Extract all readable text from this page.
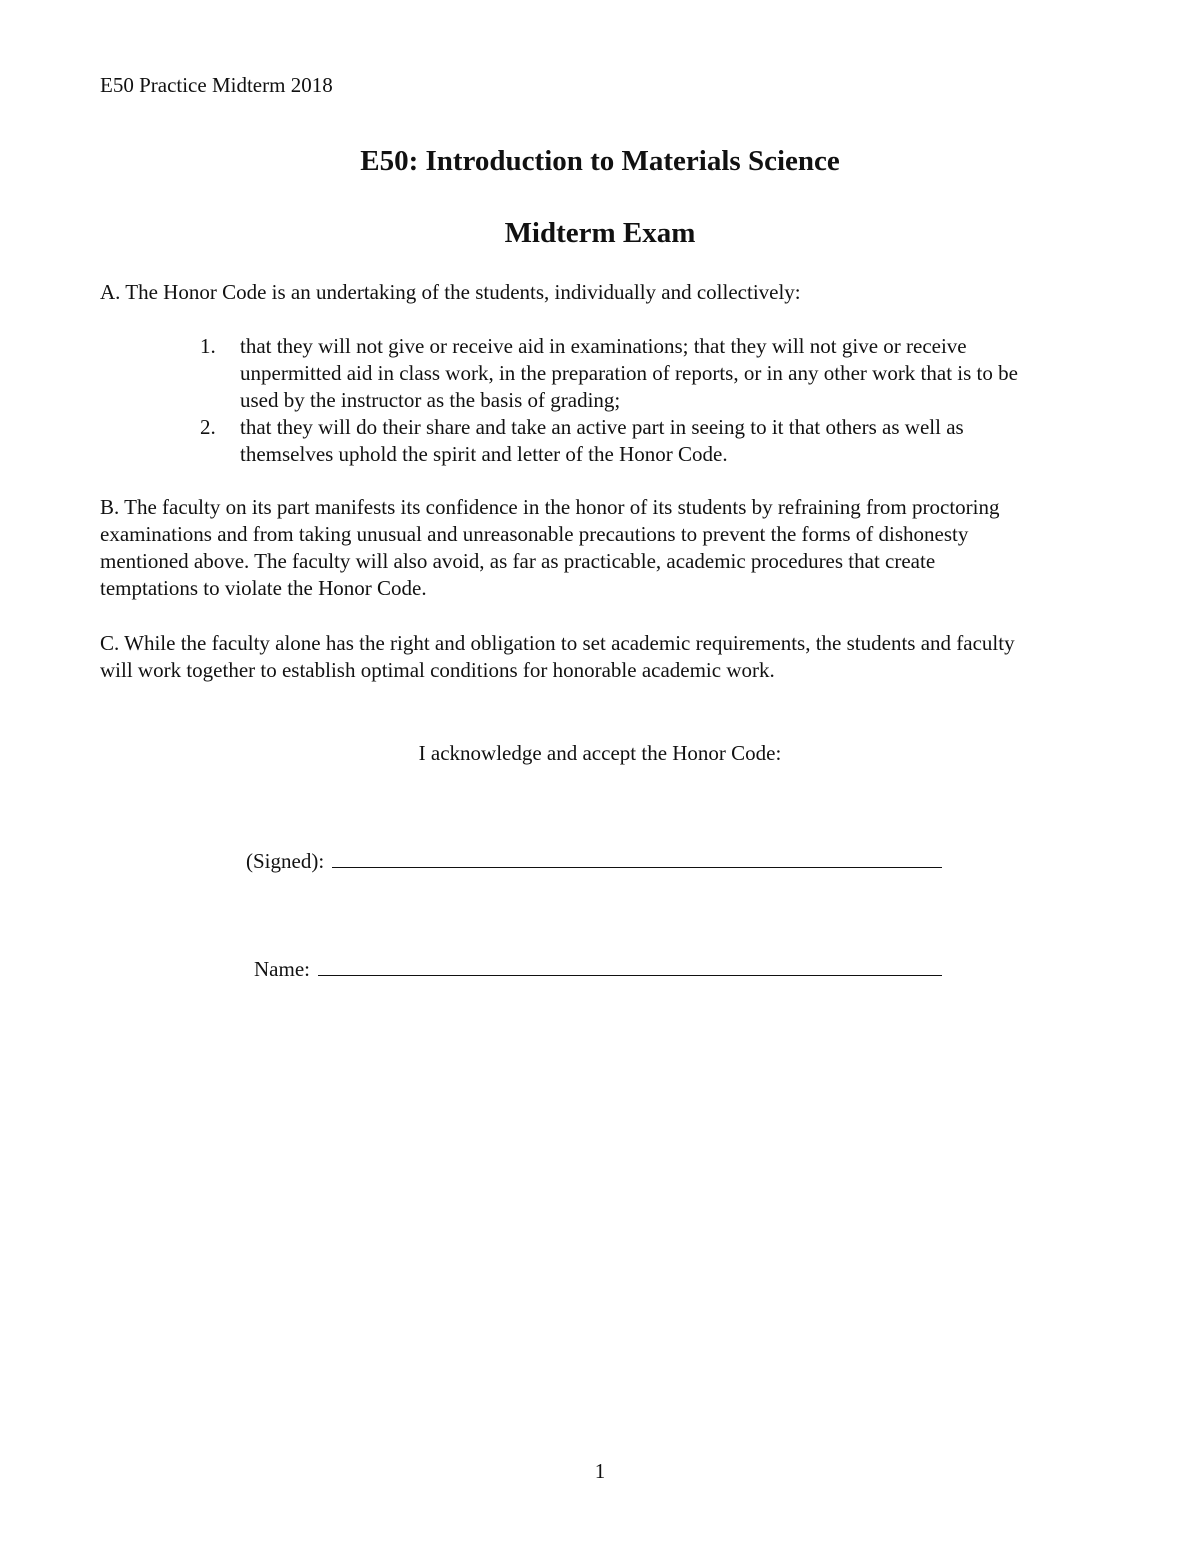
E50 Practice Midterm 2018
E50: Introduction to Materials Science
Midterm Exam
A. The Honor Code is an undertaking of the students, individually and collectively:
1. that they will not give or receive aid in examinations; that they will not give or receive unpermitted aid in class work, in the preparation of reports, or in any other work that is to be used by the instructor as the basis of grading;
2. that they will do their share and take an active part in seeing to it that others as well as themselves uphold the spirit and letter of the Honor Code.
B. The faculty on its part manifests its confidence in the honor of its students by refraining from proctoring examinations and from taking unusual and unreasonable precautions to prevent the forms of dishonesty mentioned above. The faculty will also avoid, as far as practicable, academic procedures that create temptations to violate the Honor Code.
C. While the faculty alone has the right and obligation to set academic requirements, the students and faculty will work together to establish optimal conditions for honorable academic work.
I acknowledge and accept the Honor Code:
(Signed):
Name:
1
